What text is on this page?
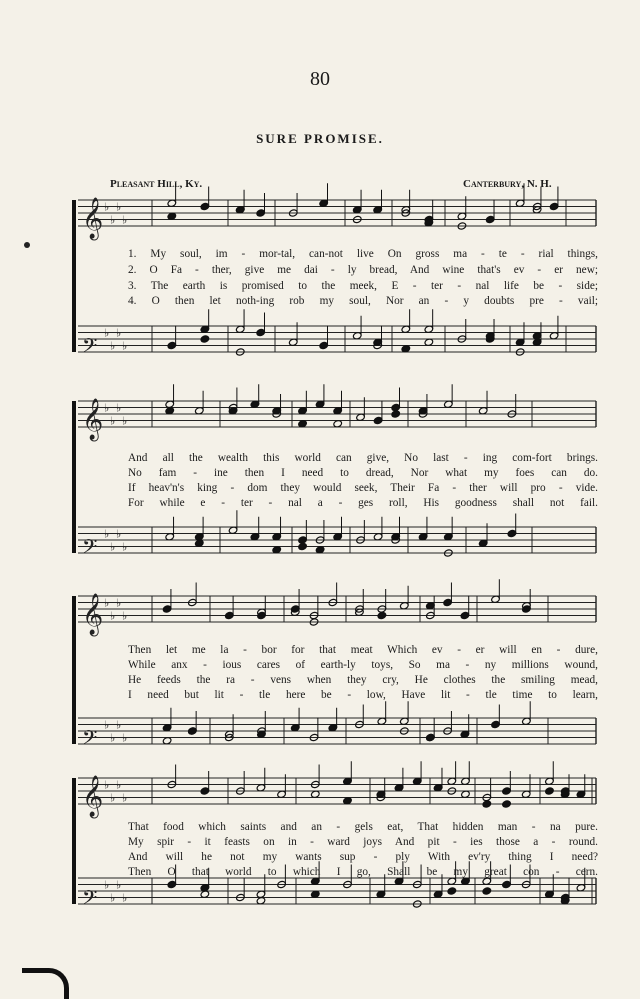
80
SURE PROMISE.
Pleasant Hill, Ky.	Canterbury, N. H.
𝄞 ♭
♭
♭
♭
𝄢
♭
♭
♭
♭
𝄞 ♭
♭
♭
♭
𝄢
♭
♭
♭
♭
𝄞 ♭
♭
♭
♭
𝄢
♭
♭
♭
♭
𝄞 ♭
♭
♭
♭
𝄢
♭
♭
♭
♭
1. My soul, im - mor-tal, can-not live On gross ma - te - rial things,
2. O Fa - ther, give me dai - ly bread, And wine that's ev - er new;
3. The earth is promised to the meek, E - ter - nal life be - side;
4. O then let noth-ing rob my soul, Nor an - y doubts pre - vail;
And all the wealth this world can give, No last - ing com-fort brings.
No fam - ine then I need to dread, Nor what my foes can do.
If heav'n's king - dom they would seek, Their Fa - ther will pro - vide.
For while e - ter - nal a - ges roll, His goodness shall not fail.
Then let me la - bor for that meat Which ev - er will en - dure,
While anx - ious cares of earth-ly toys, So ma - ny millions wound,
He feeds the ra - vens when they cry, He clothes the smiling mead,
I need but lit - tle here be - low, Have lit - tle time to learn,
That food which saints and an - gels eat, That hidden man - na pure.
My spir - it feasts on in - ward joys And pit - ies those a - round.
And will he not my wants sup - ply With ev'ry thing I need?
Then O that world to which I go, Shall be my great con - cern.
